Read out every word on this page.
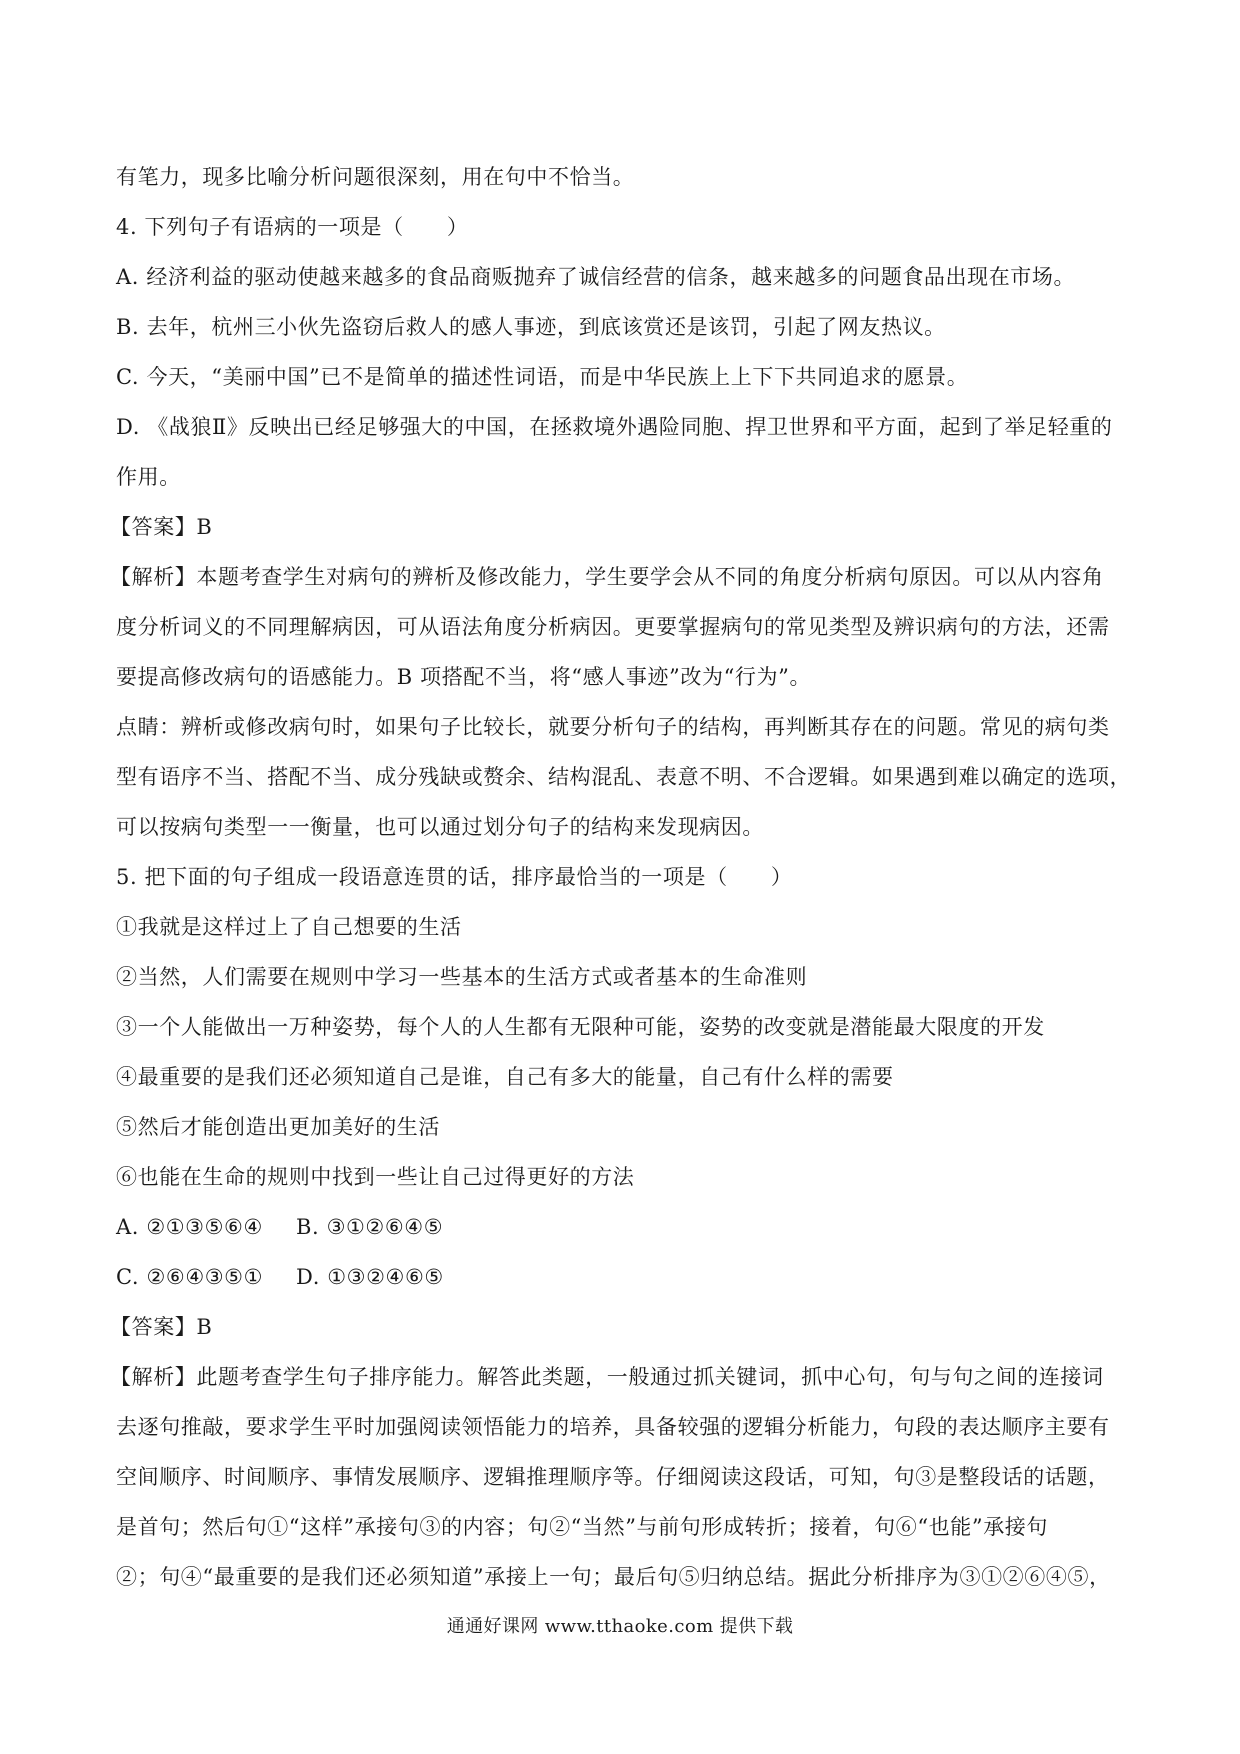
有笔力，现多比喻分析问题很深刻，用在句中不恰当。
4. 下列句子有语病的一项是（　　）
A. 经济利益的驱动使越来越多的食品商贩抛弃了诚信经营的信条，越来越多的问题食品出现在市场。
B. 去年，杭州三小伙先盗窃后救人的感人事迹，到底该赏还是该罚，引起了网友热议。
C. 今天，“美丽中国”已不是简单的描述性词语，而是中华民族上上下下共同追求的愿景。
D. 《战狼Ⅱ》反映出已经足够强大的中国，在拯救境外遇险同胞、捍卫世界和平方面，起到了举足轻重的
作用。
【答案】B
【解析】本题考查学生对病句的辨析及修改能力，学生要学会从不同的角度分析病句原因。可以从内容角
度分析词义的不同理解病因，可从语法角度分析病因。更要掌握病句的常见类型及辨识病句的方法，还需
要提高修改病句的语感能力。B 项搭配不当，将“感人事迹”改为“行为”。
点睛：辨析或修改病句时，如果句子比较长，就要分析句子的结构，再判断其存在的问题。常见的病句类
型有语序不当、搭配不当、成分残缺或赘余、结构混乱、表意不明、不合逻辑。如果遇到难以确定的选项，
可以按病句类型一一衡量，也可以通过划分句子的结构来发现病因。
5. 把下面的句子组成一段语意连贯的话，排序最恰当的一项是（　　）
①我就是这样过上了自己想要的生活
②当然，人们需要在规则中学习一些基本的生活方式或者基本的生命准则
③一个人能做出一万种姿势，每个人的人生都有无限种可能，姿势的改变就是潜能最大限度的开发
④最重要的是我们还必须知道自己是谁，自己有多大的能量，自己有什么样的需要
⑤然后才能创造出更加美好的生活
⑥也能在生命的规则中找到一些让自己过得更好的方法
A. ②①③⑤⑥④	B. ③①②⑥④⑤
C. ②⑥④③⑤①	D. ①③②④⑥⑤
【答案】B
【解析】此题考查学生句子排序能力。解答此类题，一般通过抓关键词，抓中心句，句与句之间的连接词
去逐句推敲，要求学生平时加强阅读领悟能力的培养，具备较强的逻辑分析能力，句段的表达顺序主要有
空间顺序、时间顺序、事情发展顺序、逻辑推理顺序等。仔细阅读这段话，可知，句③是整段话的话题，
是首句；然后句①“这样”承接句③的内容；句②“当然”与前句形成转折；接着，句⑥“也能”承接句
②；句④“最重要的是我们还必须知道”承接上一句；最后句⑤归纳总结。据此分析排序为③①②⑥④⑤，
通通好课网 www.tthaoke.com 提供下载
